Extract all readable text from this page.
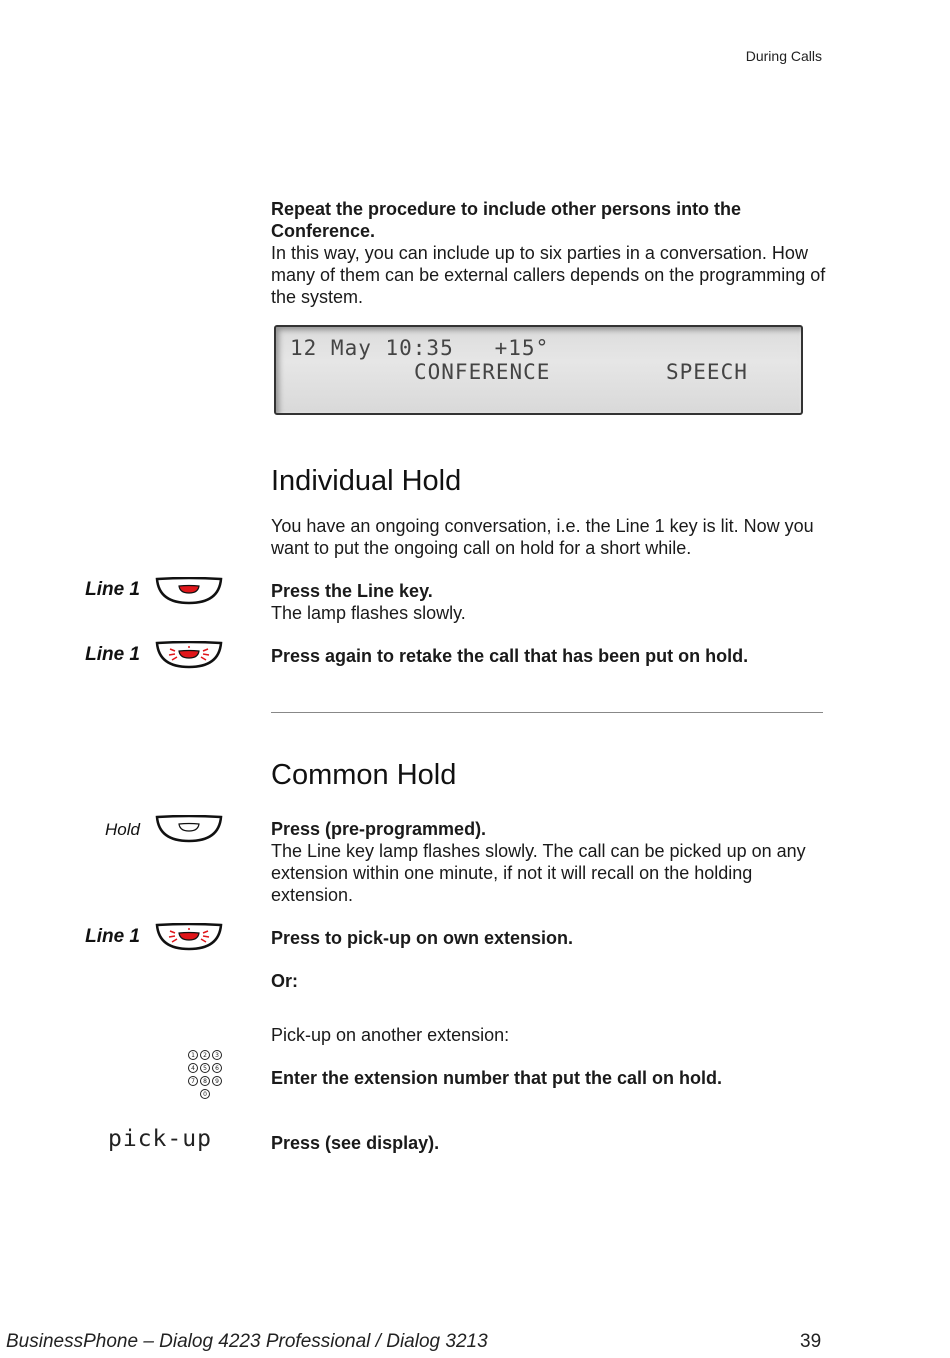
During Calls
Repeat the procedure to include other persons into the Conference.
In this way, you can include up to six parties in a conversation. How many of them can be external callers depends on the programming of the system.
12 May 10:35   +15°
CONFERENCE	SPEECH
Individual Hold
You have an ongoing conversation, i.e. the Line 1 key is lit. Now you want to put the ongoing call on hold for a short while.
Line 1	Press the Line key.
The lamp flashes slowly.
Line 1	Press again to retake the call that has been put on hold.
Common Hold
Hold	Press (pre-programmed).
The Line key lamp flashes slowly. The call can be picked up on any extension within one minute, if not it will recall on the holding extension.
Line 1	Press to pick-up on own extension.
Or:
Pick-up on another extension:
1 2 3
4 5 6
7 8 9
0
Enter the extension number that put the call on hold.
pick-up	Press (see display).
BusinessPhone – Dialog 4223 Professional / Dialog 3213	39
